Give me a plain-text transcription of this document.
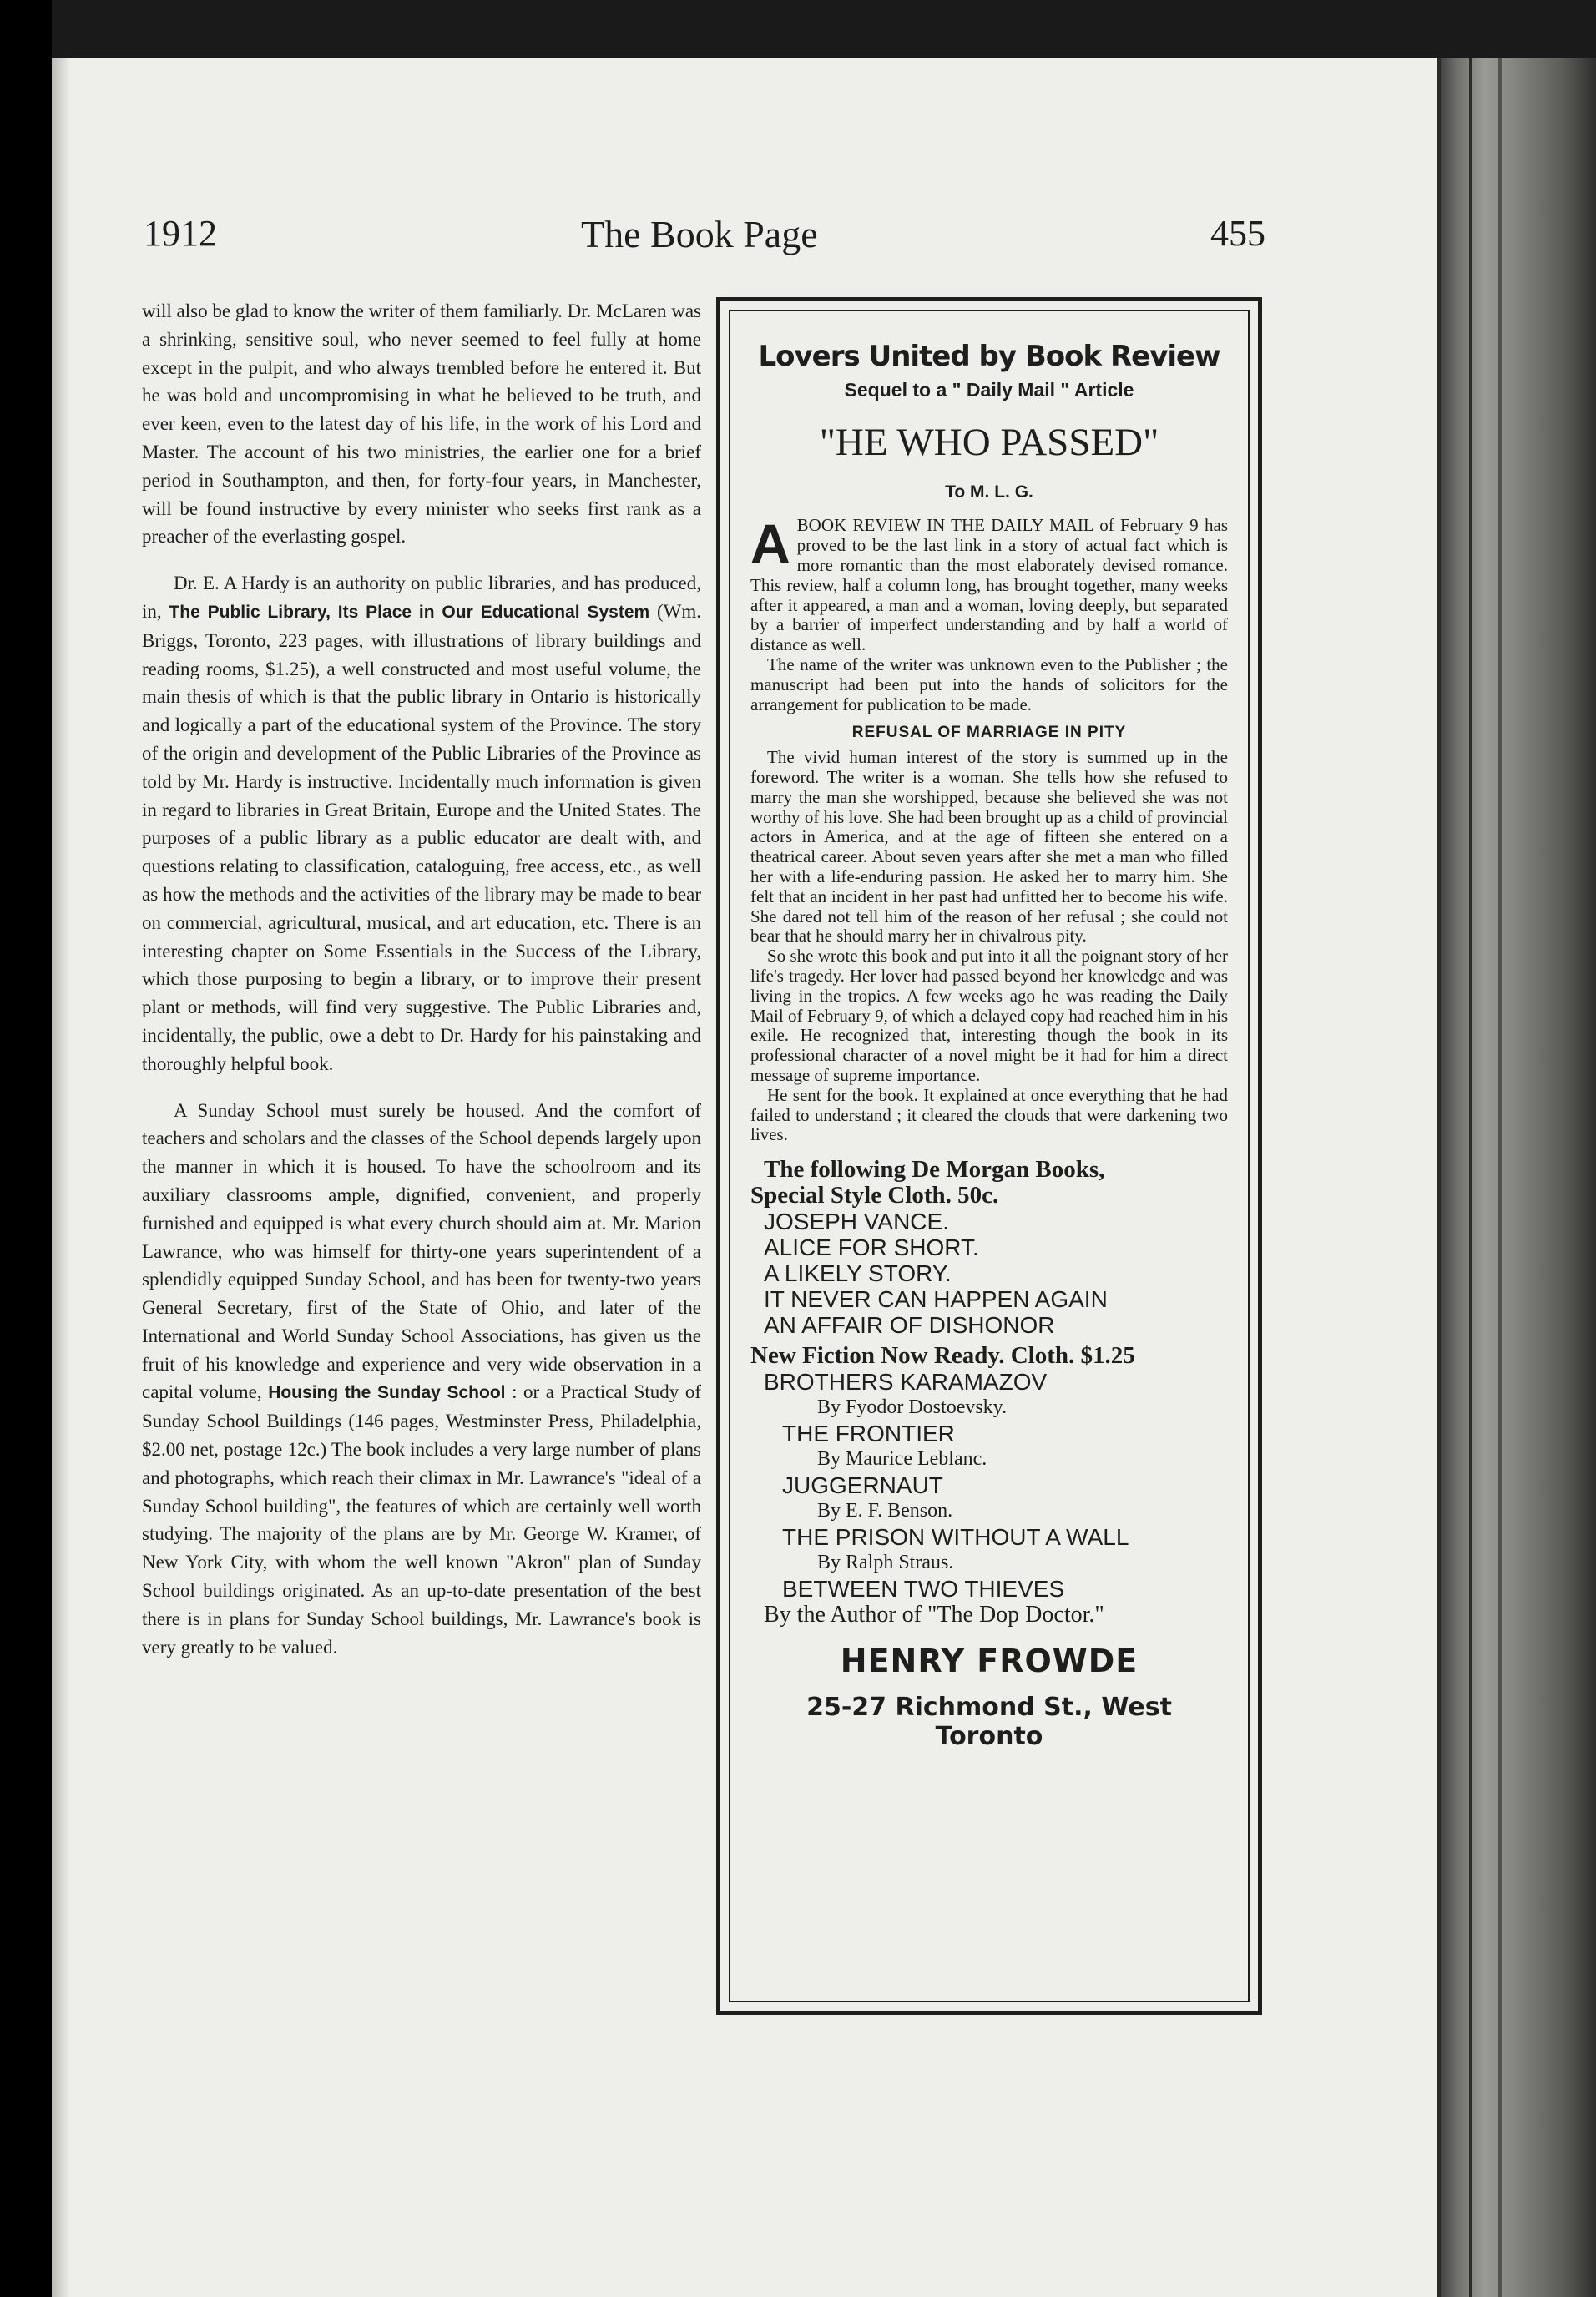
1912	The Book Page	455

will also be glad to know the writer of them familiarly. Dr. McLaren was a shrinking, sensitive soul, who never seemed to feel fully at home except in the pulpit, and who always trembled before he entered it. But he was bold and uncompromising in what he believed to be truth, and ever keen, even to the latest day of his life, in the work of his Lord and Master. The account of his two ministries, the earlier one for a brief period in Southampton, and then, for forty-four years, in Manchester, will be found instructive by every minister who seeks first rank as a preacher of the everlasting gospel.

Dr. E. A Hardy is an authority on public libraries, and has produced, in, The Public Library, Its Place in Our Educational System (Wm. Briggs, Toronto, 223 pages, with illustrations of library buildings and reading rooms, $1.25), a well constructed and most useful volume, the main thesis of which is that the public library in Ontario is historically and logically a part of the educational system of the Province. The story of the origin and development of the Public Libraries of the Province as told by Mr. Hardy is instructive. Incidentally much information is given in regard to libraries in Great Britain, Europe and the United States. The purposes of a public library as a public educator are dealt with, and questions relating to classification, cataloguing, free access, etc., as well as how the methods and the activities of the library may be made to bear on commercial, agricultural, musical, and art education, etc. There is an interesting chapter on Some Essentials in the Success of the Library, which those purposing to begin a library, or to improve their present plant or methods, will find very suggestive. The Public Libraries and, incidentally, the public, owe a debt to Dr. Hardy for his painstaking and thoroughly helpful book.

A Sunday School must surely be housed. And the comfort of teachers and scholars and the classes of the School depends largely upon the manner in which it is housed. To have the schoolroom and its auxiliary classrooms ample, dignified, convenient, and properly furnished and equipped is what every church should aim at. Mr. Marion Lawrance, who was himself for thirty-one years superintendent of a splendidly equipped Sunday School, and has been for twenty-two years General Secretary, first of the State of Ohio, and later of the International and World Sunday School Associations, has given us the fruit of his knowledge and experience and very wide observation in a capital volume, Housing the Sunday School : or a Practical Study of Sunday School Buildings (146 pages, Westminster Press, Philadelphia, $2.00 net, postage 12c.) The book includes a very large number of plans and photographs, which reach their climax in Mr. Lawrance's "ideal of a Sunday School building", the features of which are certainly well worth studying. The majority of the plans are by Mr. George W. Kramer, of New York City, with whom the well known "Akron" plan of Sunday School buildings originated. As an up-to-date presentation of the best there is in plans for Sunday School buildings, Mr. Lawrance's book is very greatly to be valued.

Lovers United by Book Review
Sequel to a " Daily Mail " Article
"HE WHO PASSED"
To M. L. G.

ABOOK REVIEW IN THE DAILY MAIL of February 9 has proved to be the last link in a story of actual fact which is more romantic than the most elaborately devised romance. This review, half a column long, has brought together, many weeks after it appeared, a man and a woman, loving deeply, but separated by a barrier of imperfect understanding and by half a world of distance as well.

The name of the writer was unknown even to the Publisher ; the manuscript had been put into the hands of solicitors for the arrangement for publication to be made.

REFUSAL OF MARRIAGE IN PITY

The vivid human interest of the story is summed up in the foreword. The writer is a woman. She tells how she refused to marry the man she worshipped, because she believed she was not worthy of his love. She had been brought up as a child of provincial actors in America, and at the age of fifteen she entered on a theatrical career. About seven years after she met a man who filled her with a life-enduring passion. He asked her to marry him. She felt that an incident in her past had unfitted her to become his wife. She dared not tell him of the reason of her refusal ; she could not bear that he should marry her in chivalrous pity.

So she wrote this book and put into it all the poignant story of her life's tragedy. Her lover had passed beyond her knowledge and was living in the tropics. A few weeks ago he was reading the Daily Mail of February 9, of which a delayed copy had reached him in his exile. He recognized that, interesting though the book in its professional character of a novel might be it had for him a direct message of supreme importance.

He sent for the book. It explained at once everything that he had failed to understand ; it cleared the clouds that were darkening two lives.

The following De Morgan Books,
Special Style Cloth. 50c.
JOSEPH VANCE.
ALICE FOR SHORT.
A LIKELY STORY.
IT NEVER CAN HAPPEN AGAIN
AN AFFAIR OF DISHONOR
New Fiction Now Ready. Cloth. $1.25
BROTHERS KARAMAZOV
By Fyodor Dostoevsky.
THE FRONTIER
By Maurice Leblanc.
JUGGERNAUT
By E. F. Benson.
THE PRISON WITHOUT A WALL
By Ralph Straus.
BETWEEN TWO THIEVES
By the Author of "The Dop Doctor."
HENRY FROWDE
25-27 Richmond St., West Toronto
